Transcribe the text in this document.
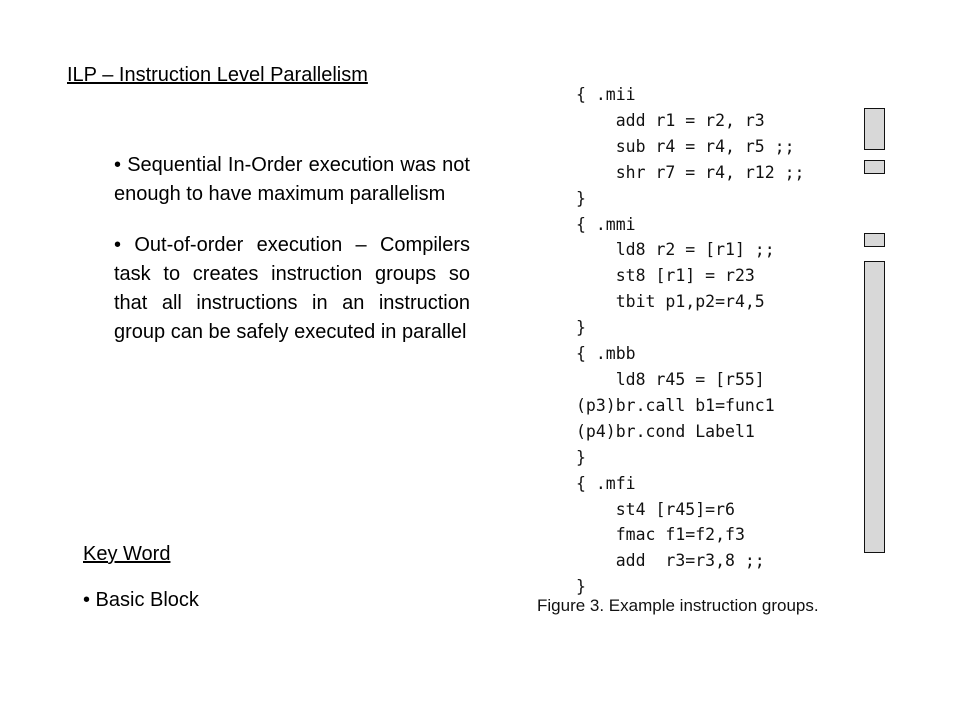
ILP – Instruction Level Parallelism

• Sequential In-Order execution was not enough to have maximum parallelism

• Out-of-order execution – Compilers task to creates instruction groups so that all instructions in an instruction group can be safely executed in parallel

Key Word
• Basic Block
{ .mii
add r1 = r2, r3
sub r4 = r4, r5 ;;
shr r7 = r4, r12 ;;
}
{ .mmi
ld8 r2 = [r1] ;;
st8 [r1] = r23
tbit p1,p2=r4,5
}
{ .mbb
ld8 r45 = [r55]
(p3)br.call b1=func1
(p4)br.cond Label1
}
{ .mfi
st4 [r45]=r6
fmac f1=f2,f3
add  r3=r3,8 ;;
}
Figure 3. Example instruction groups.
